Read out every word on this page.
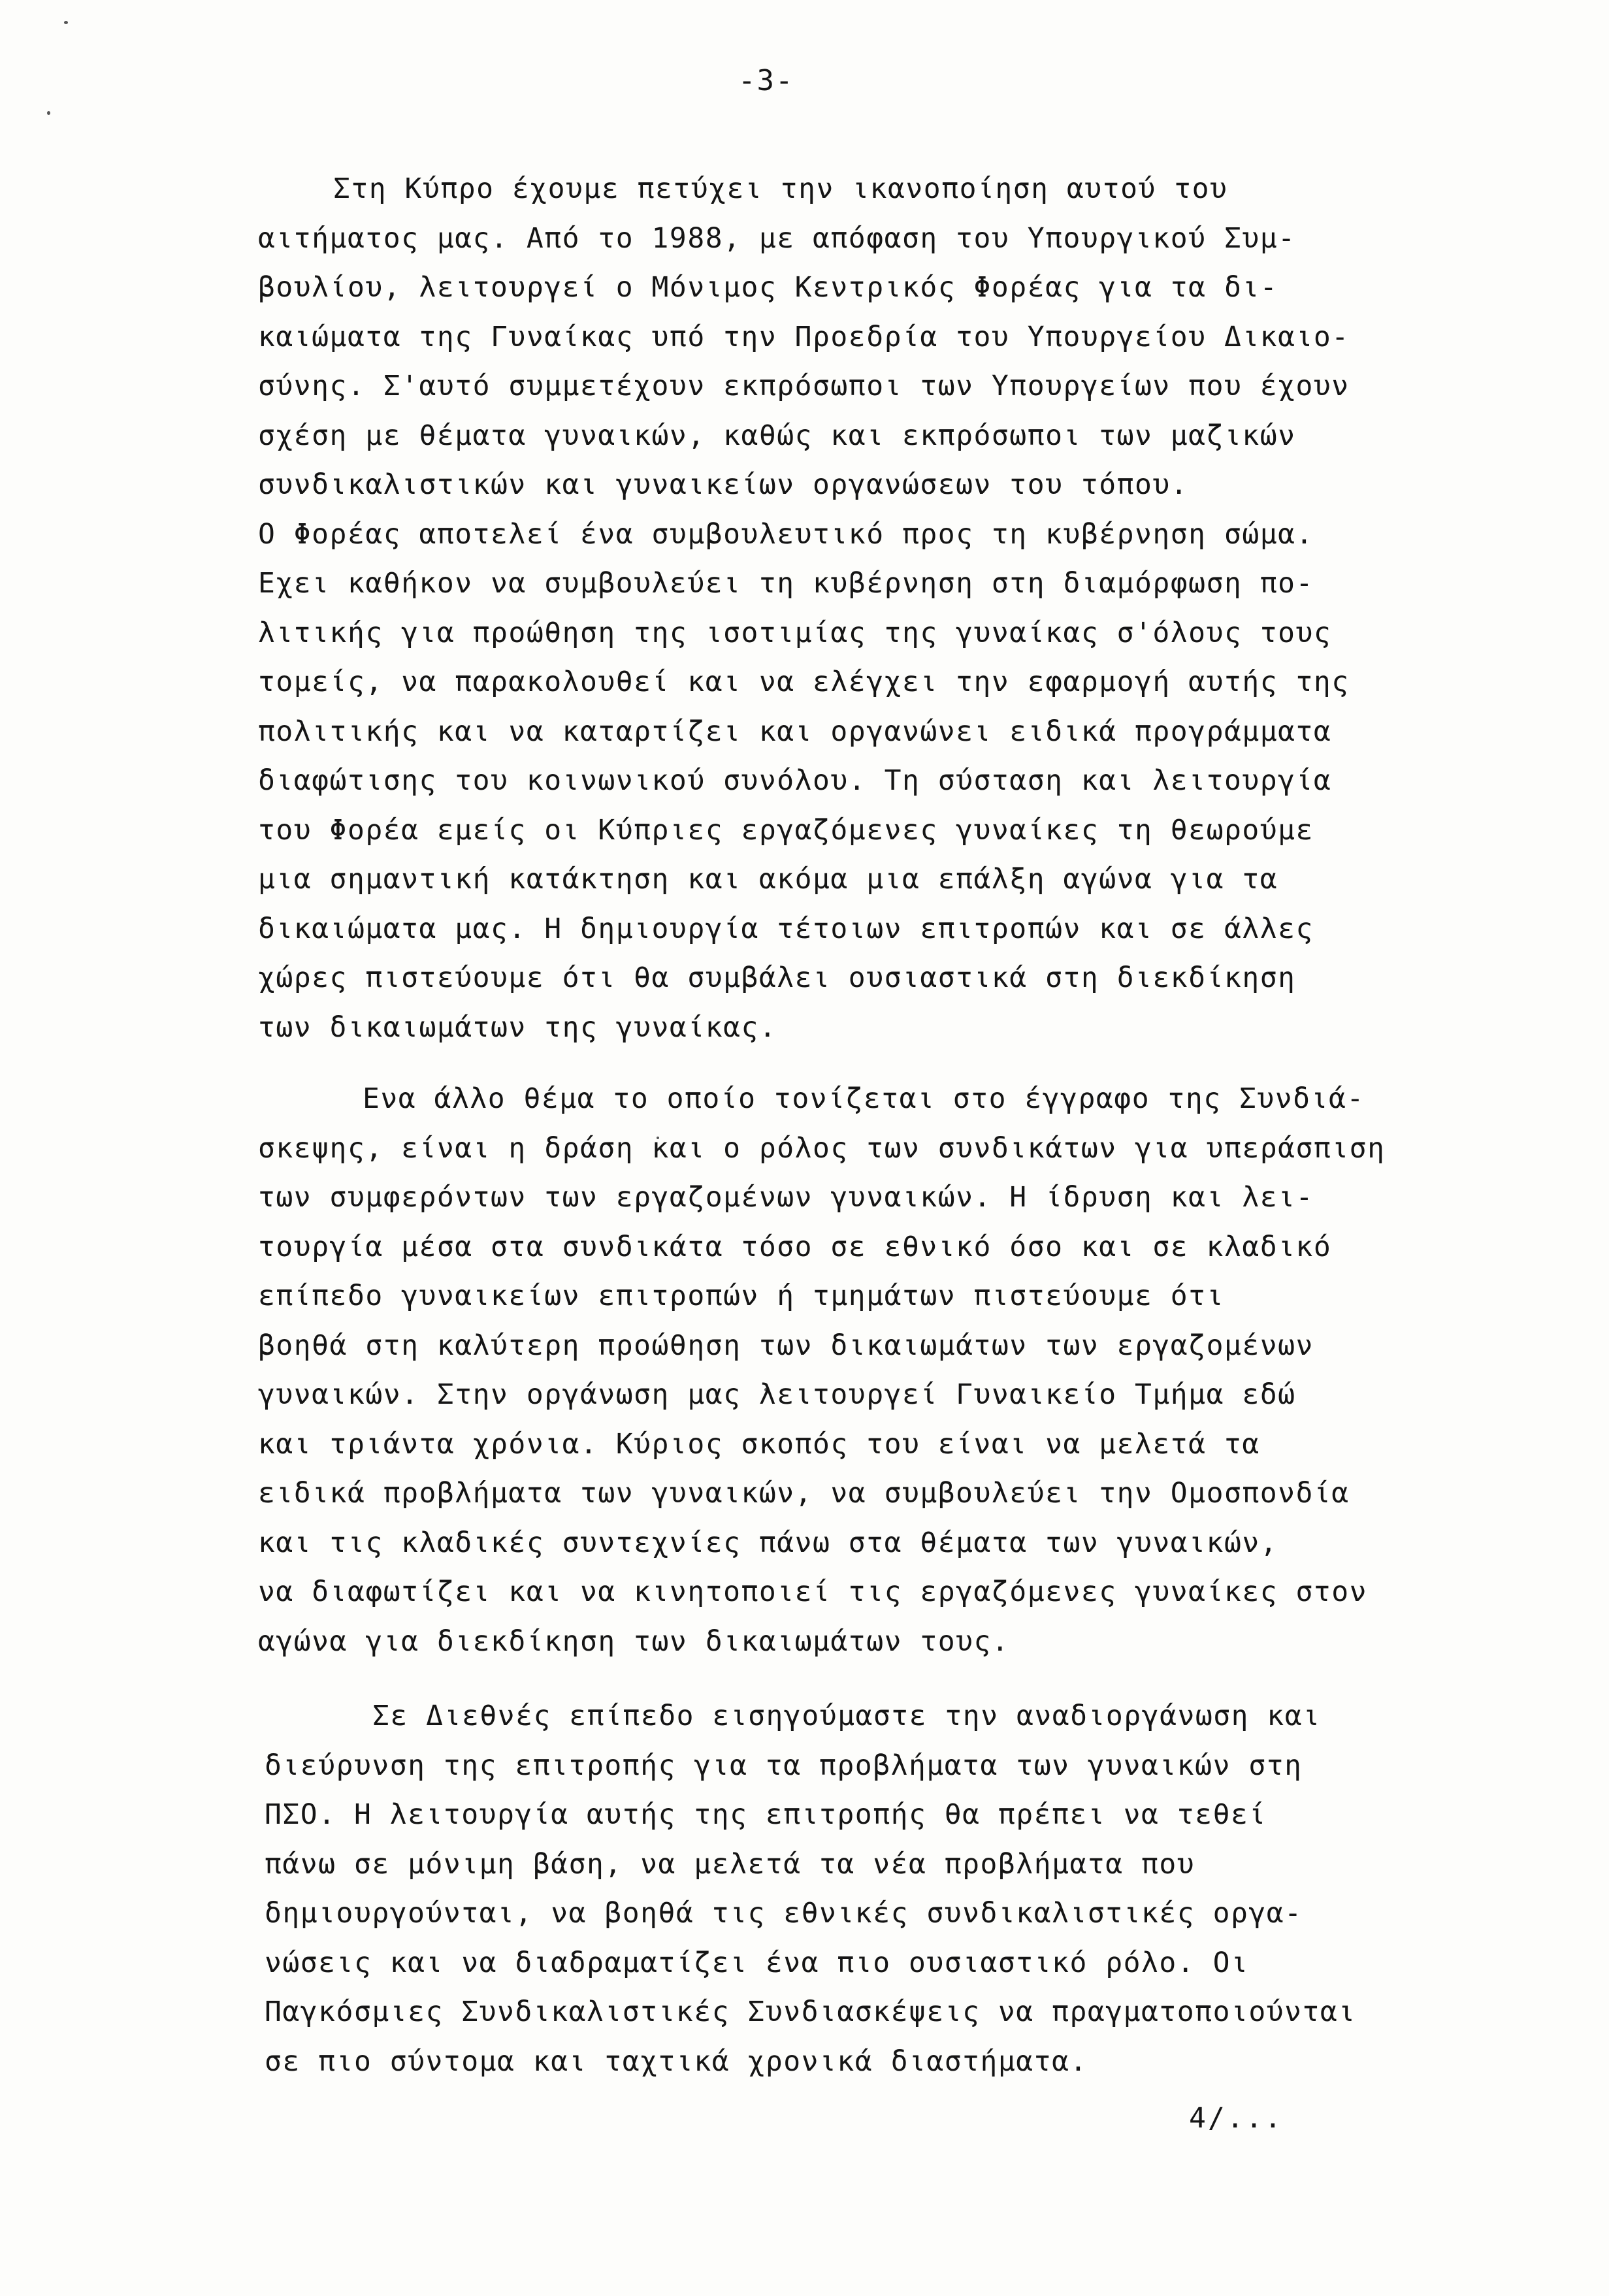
-3-

Στη Κύπρο έχουμε πετύχει την ικανοποίηση αυτού του
αιτήματος μας. Από το 1988, με απόφαση του Υπουργικού Συμ-
βουλίου, λειτουργεί ο Μόνιμος Κεντρικός Φορέας για τα δι-
καιώματα της Γυναίκας υπό την Προεδρία του Υπουργείου Δικαιο-
σύνης. Σ'αυτό συμμετέχουν εκπρόσωποι των Υπουργείων που έχουν
σχέση με θέματα γυναικών, καθώς και εκπρόσωποι των μαζικών
συνδικαλιστικών και γυναικείων οργανώσεων του τόπου.
Ο Φορέας αποτελεί ένα συμβουλευτικό προς τη κυβέρνηση σώμα.
Εχει καθήκον να συμβουλεύει τη κυβέρνηση στη διαμόρφωση πο-
λιτικής για προώθηση της ισοτιμίας της γυναίκας σ'όλους τους
τομείς, να παρακολουθεί και να ελέγχει την εφαρμογή αυτής της
πολιτικής και να καταρτίζει και οργανώνει ειδικά προγράμματα
διαφώτισης του κοινωνικού συνόλου. Τη σύσταση και λειτουργία
του Φορέα εμείς οι Κύπριες εργαζόμενες γυναίκες τη θεωρούμε
μια σημαντική κατάκτηση και ακόμα μια επάλξη αγώνα για τα
δικαιώματα μας. Η δημιουργία τέτοιων επιτροπών και σε άλλες
χώρες πιστεύουμε ότι θα συμβάλει ουσιαστικά στη διεκδίκηση
των δικαιωμάτων της γυναίκας.

Ενα άλλο θέμα το οποίο τονίζεται στο έγγραφο της Συνδιά-
σκεψης, είναι η δράση και ο ρόλος των συνδικάτων για υπεράσπιση
των συμφερόντων των εργαζομένων γυναικών. Η ίδρυση και λει-
τουργία μέσα στα συνδικάτα τόσο σε εθνικό όσο και σε κλαδικό
επίπεδο γυναικείων επιτροπών ή τμημάτων πιστεύουμε ότι
βοηθά στη καλύτερη προώθηση των δικαιωμάτων των εργαζομένων
γυναικών. Στην οργάνωση μας λειτουργεί Γυναικείο Τμήμα εδώ
και τριάντα χρόνια. Κύριος σκοπός του είναι να μελετά τα
ειδικά προβλήματα των γυναικών, να συμβουλεύει την Ομοσπονδία
και τις κλαδικές συντεχνίες πάνω στα θέματα των γυναικών,
να διαφωτίζει και να κινητοποιεί τις εργαζόμενες γυναίκες στον
αγώνα για διεκδίκηση των δικαιωμάτων τους.

Σε Διεθνές επίπεδο εισηγούμαστε την αναδιοργάνωση και
διεύρυνση της επιτροπής για τα προβλήματα των γυναικών στη
ΠΣΟ. Η λειτουργία αυτής της επιτροπής θα πρέπει να τεθεί
πάνω σε μόνιμη βάση, να μελετά τα νέα προβλήματα που
δημιουργούνται, να βοηθά τις εθνικές συνδικαλιστικές οργα-
νώσεις και να διαδραματίζει ένα πιο ουσιαστικό ρόλο. Οι
Παγκόσμιες Συνδικαλιστικές Συνδιασκέψεις να πραγματοποιούνται
σε πιο σύντομα και ταχτικά χρονικά διαστήματα.

4/...
